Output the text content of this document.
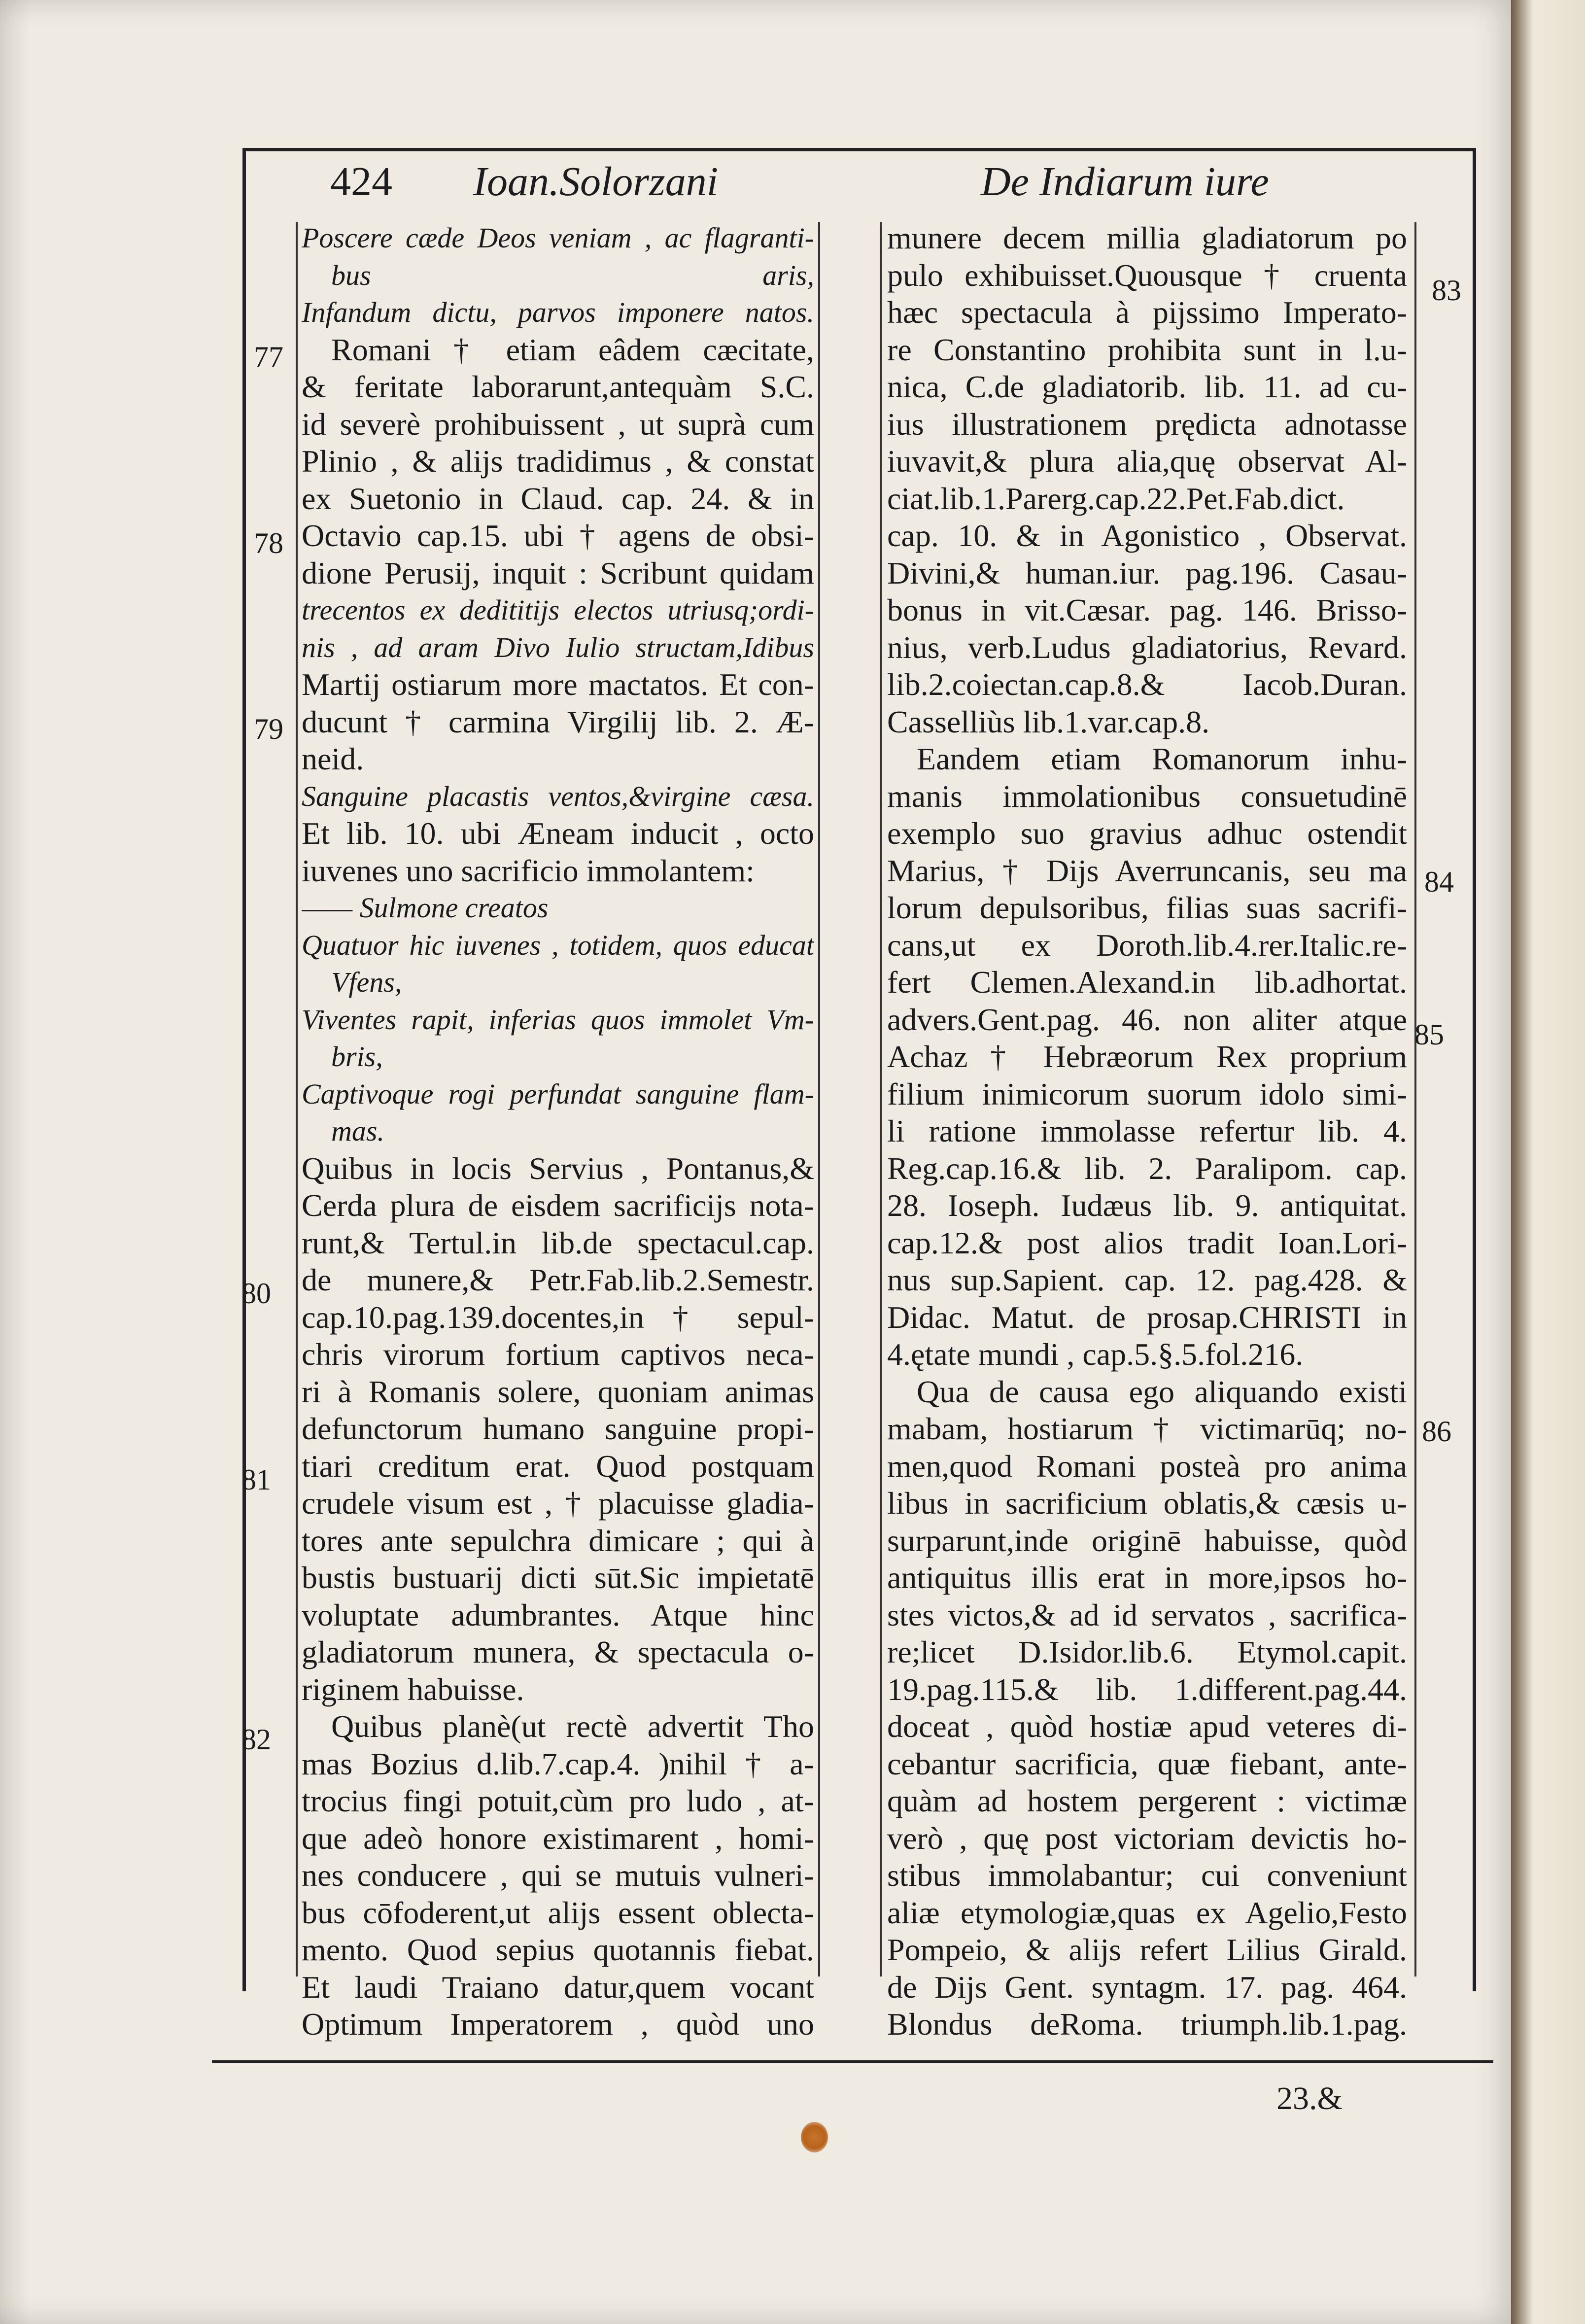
424 Ioan.Solorzani	De Indiarum iure
Poscere cæde Deos veniam , ac flagranti-
bus aris,
Infandum dictu, parvos imponere natos.
Romani † etiam eâdem cæcitate,
& feritate laborarunt,antequàm S.C.
id severè prohibuissent , ut suprà cum
Plinio , & alijs tradidimus , & constat
ex Suetonio in Claud. cap. 24. & in
Octavio cap.15. ubi † agens de obsi-
dione Perusij, inquit : Scribunt quidam
trecentos ex dedititijs electos utriusq;ordi-
nis , ad aram Divo Iulio structam,Idibus
Martij ostiarum more mactatos. Et con-
ducunt † carmina Virgilij lib. 2. Æ-
neid.
Sanguine placastis ventos,&virgine cæsa.
Et lib. 10. ubi Æneam inducit , octo
iuvenes uno sacrificio immolantem:
—— Sulmone creatos
Quatuor hic iuvenes , totidem, quos educat
Vfens,
Viventes rapit, inferias quos immolet Vm-
bris,
Captivoque rogi perfundat sanguine flam-
mas.
Quibus in locis Servius , Pontanus,&
Cerda plura de eisdem sacrificijs nota-
runt,& Tertul.in lib.de spectacul.cap.
de munere,& Petr.Fab.lib.2.Semestr.
cap.10.pag.139.docentes,in † sepul-
chris virorum fortium captivos neca-
ri à Romanis solere, quoniam animas
defunctorum humano sanguine propi-
tiari creditum erat. Quod postquam
crudele visum est , † placuisse gladia-
tores ante sepulchra dimicare ; qui à
bustis bustuarij dicti sūt.Sic impietatē
voluptate adumbrantes. Atque hinc
gladiatorum munera, & spectacula o-
riginem habuisse.
Quibus planè(ut rectè advertit Tho
mas Bozius d.lib.7.cap.4. )nihil † a-
trocius fingi potuit,cùm pro ludo , at-
que adeò honore existimarent , homi-
nes conducere , qui se mutuis vulneri-
bus cōfoderent,ut alijs essent oblecta-
mento. Quod sepius quotannis fiebat.
Et laudi Traiano datur,quem vocant
Optimum Imperatorem , quòd uno
munere decem millia gladiatorum po
pulo exhibuisset.Quousque † cruenta
hæc spectacula à pijssimo Imperato-
re Constantino prohibita sunt in l.u-
nica, C.de gladiatorib. lib. 11. ad cu-
ius illustrationem prędicta adnotasse
iuvavit,& plura alia,quę observat Al-
ciat.lib.1.Parerg.cap.22.Pet.Fab.dict.
cap. 10. & in Agonistico , Observat.
Divini,& human.iur. pag.196. Casau-
bonus in vit.Cæsar. pag. 146. Brisso-
nius, verb.Ludus gladiatorius, Revard.
lib.2.coiectan.cap.8.& Iacob.Duran.
Casselliùs lib.1.var.cap.8.
Eandem etiam Romanorum inhu-
manis immolationibus consuetudinē
exemplo suo gravius adhuc ostendit
Marius, † Dijs Averruncanis, seu ma
lorum depulsoribus, filias suas sacrifi-
cans,ut ex Doroth.lib.4.rer.Italic.re-
fert Clemen.Alexand.in lib.adhortat.
advers.Gent.pag. 46. non aliter atque
Achaz † Hebræorum Rex proprium
filium inimicorum suorum idolo simi-
li ratione immolasse refertur lib. 4.
Reg.cap.16.& lib. 2. Paralipom. cap.
28. Ioseph. Iudæus lib. 9. antiquitat.
cap.12.& post alios tradit Ioan.Lori-
nus sup.Sapient. cap. 12. pag.428. &
Didac. Matut. de prosap.CHRISTI in
4.ętate mundi , cap.5.§.5.fol.216.
Qua de causa ego aliquando existi
mabam, hostiarum † victimarūq; no-
men,quod Romani posteà pro anima
libus in sacrificium oblatis,& cæsis u-
surparunt,inde originē habuisse, quòd
antiquitus illis erat in more,ipsos ho-
stes victos,& ad id servatos , sacrifica-
re;licet D.Isidor.lib.6. Etymol.capit.
19.pag.115.& lib. 1.different.pag.44.
doceat , quòd hostiæ apud veteres di-
cebantur sacrificia, quæ fiebant, ante-
quàm ad hostem pergerent : victimæ
verò , quę post victoriam devictis ho-
stibus immolabantur; cui conveniunt
aliæ etymologiæ,quas ex Agelio,Festo
Pompeio, & alijs refert Lilius Girald.
de Dijs Gent. syntagm. 17. pag. 464.
Blondus deRoma. triumph.lib.1.pag.
77
78
79
80
81
82
83
84
85
86
23.&
